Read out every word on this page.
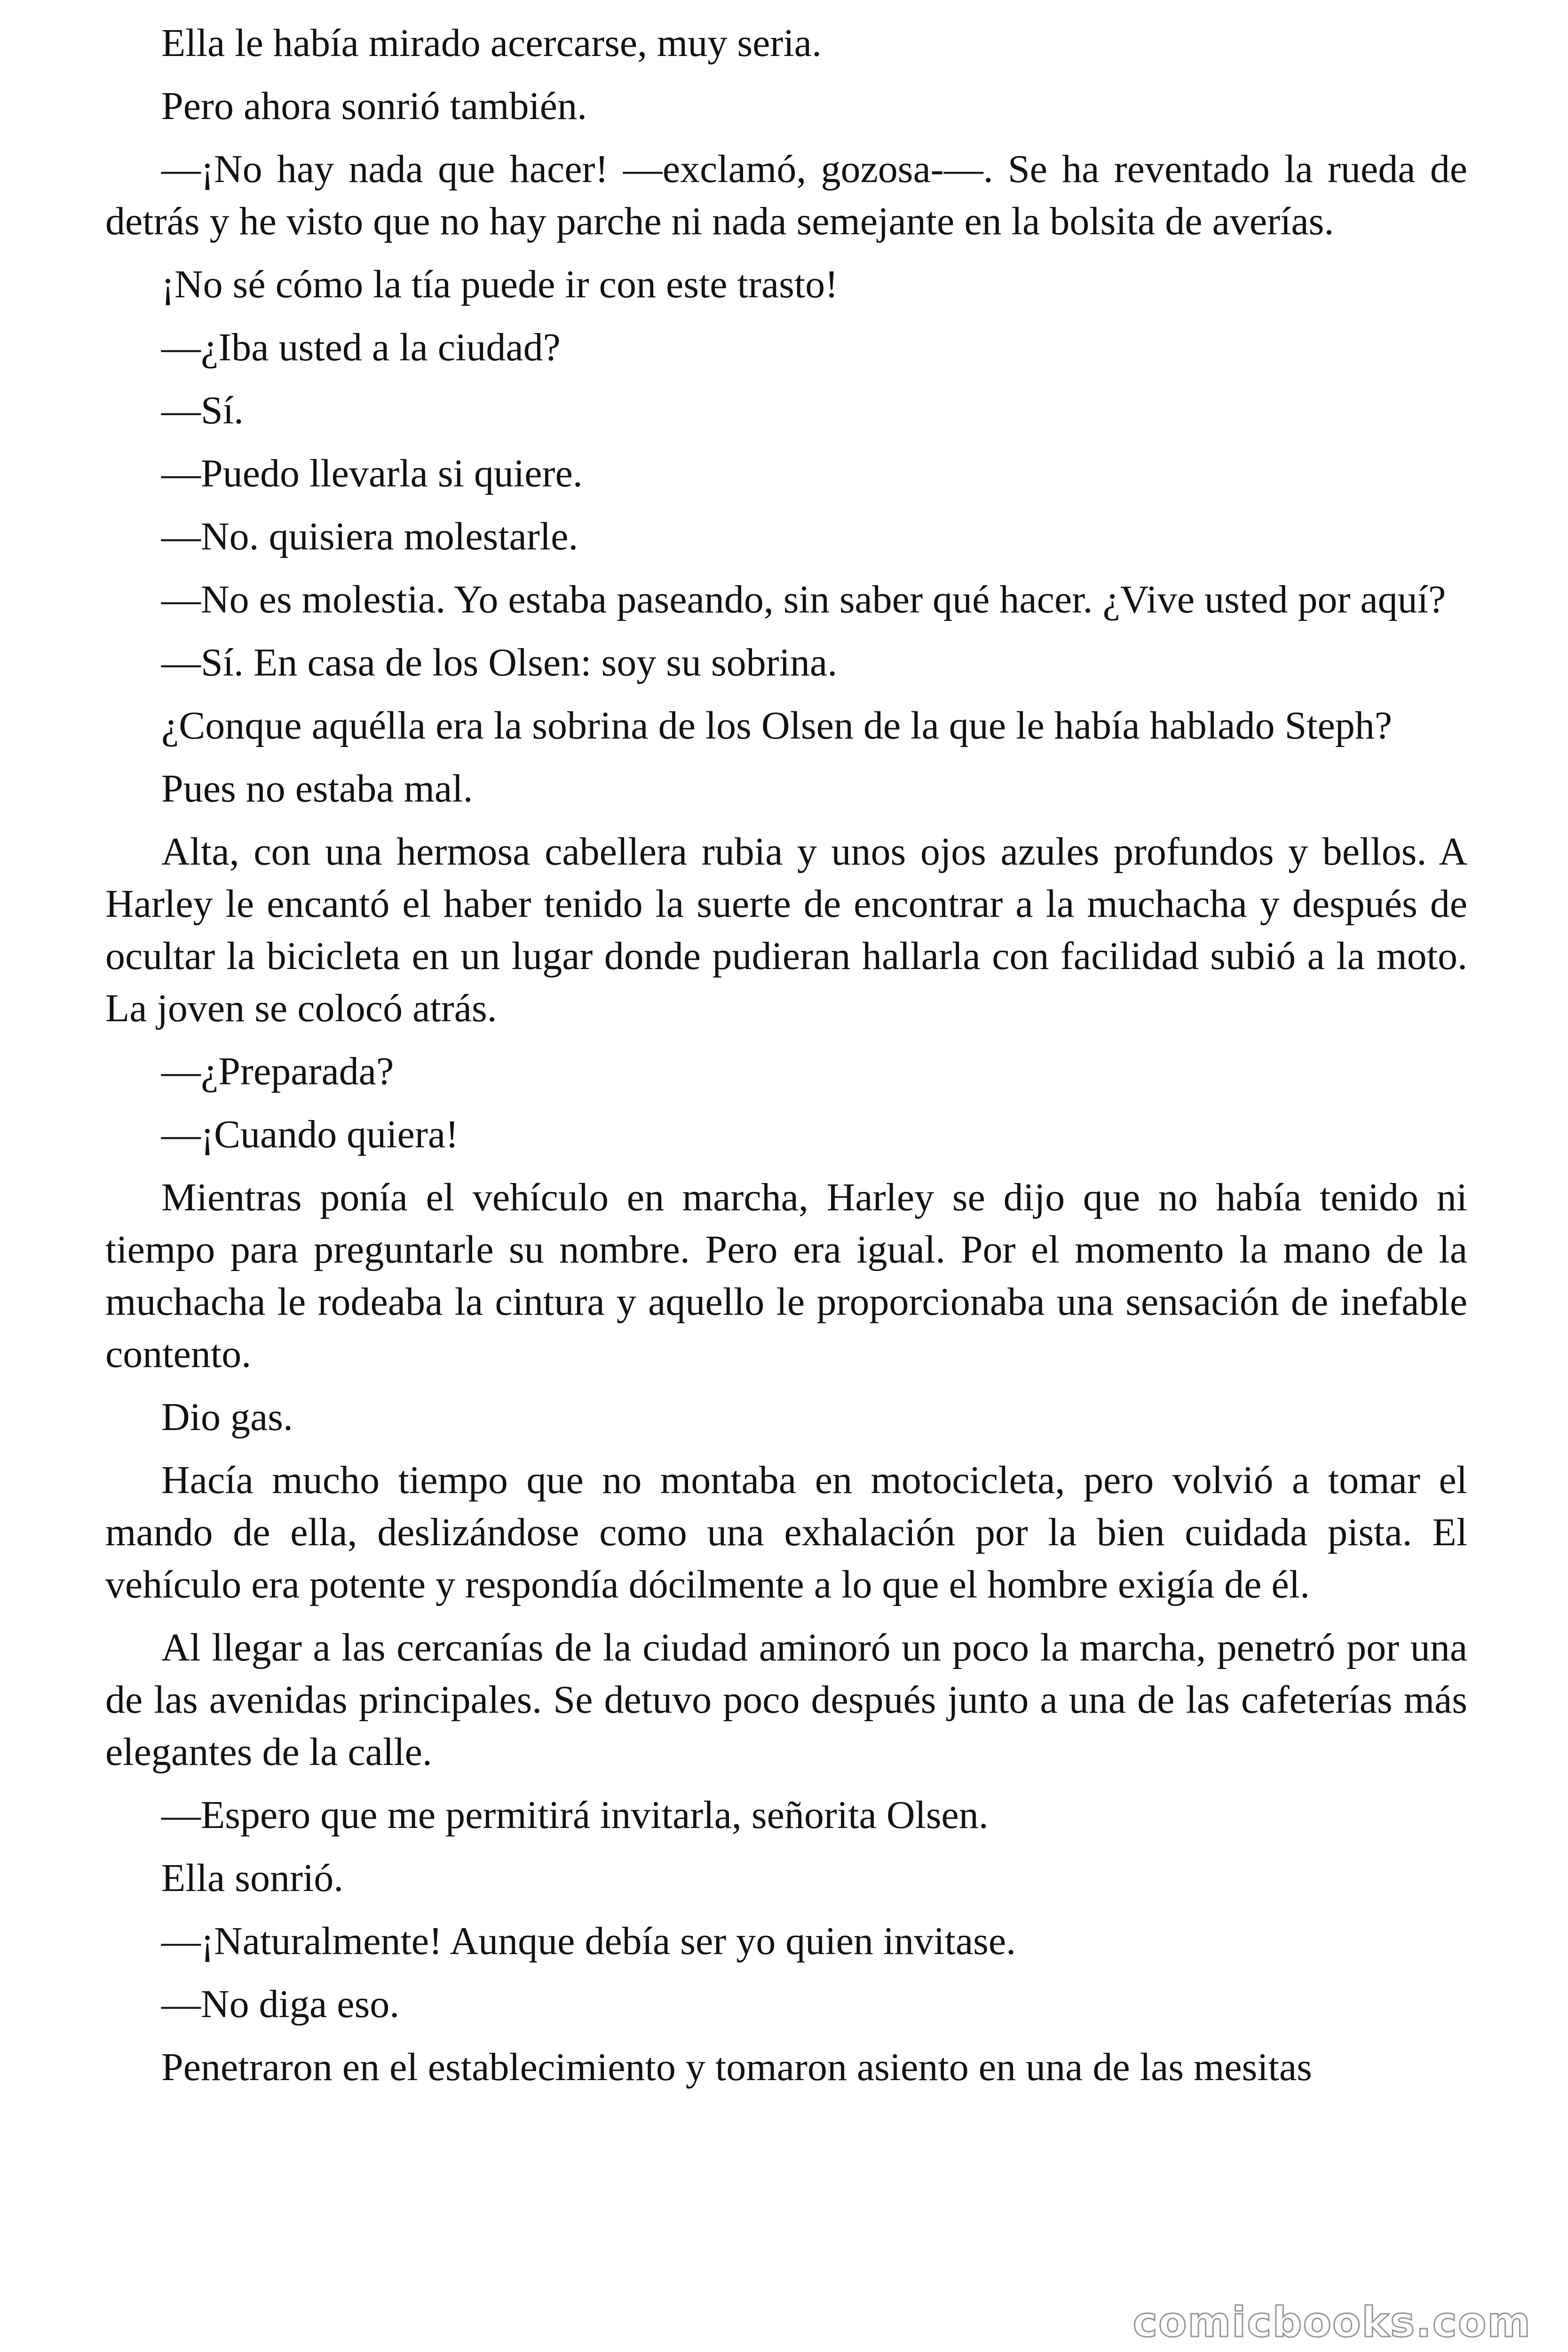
Ella le había mirado acercarse, muy seria.

Pero ahora sonrió también.

—¡No hay nada que hacer! —exclamó, gozosa-—. Se ha reventado la rueda de detrás y he visto que no hay parche ni nada semejante en la bolsita de averías.

¡No sé cómo la tía puede ir con este trasto!

—¿Iba usted a la ciudad?

—Sí.

—Puedo llevarla si quiere.

—No. quisiera molestarle.

—No es molestia. Yo estaba paseando, sin saber qué hacer. ¿Vive usted por aquí?

—Sí. En casa de los Olsen: soy su sobrina.

¿Conque aquélla era la sobrina de los Olsen de la que le había hablado Steph?

Pues no estaba mal.

Alta, con una hermosa cabellera rubia y unos ojos azules profundos y bellos. A Harley le encantó el haber tenido la suerte de encontrar a la muchacha y después de ocultar la bicicleta en un lugar donde pudieran hallarla con facilidad subió a la moto. La joven se colocó atrás.

—¿Preparada?

—¡Cuando quiera!

Mientras ponía el vehículo en marcha, Harley se dijo que no había tenido ni tiempo para preguntarle su nombre. Pero era igual. Por el momento la mano de la muchacha le rodeaba la cintura y aquello le proporcionaba una sensación de inefable contento.

Dio gas.

Hacía mucho tiempo que no montaba en motocicleta, pero volvió a tomar el mando de ella, deslizándose como una exhalación por la bien cuidada pista. El vehículo era potente y respondía dócilmente a lo que el hombre exigía de él.

Al llegar a las cercanías de la ciudad aminoró un poco la marcha, penetró por una de las avenidas principales. Se detuvo poco después junto a una de las cafeterías más elegantes de la calle.

—Espero que me permitirá invitarla, señorita Olsen.

Ella sonrió.

—¡Naturalmente! Aunque debía ser yo quien invitase.

—No diga eso.

Penetraron en el establecimiento y tomaron asiento en una de las mesitas

comicbooks.com
